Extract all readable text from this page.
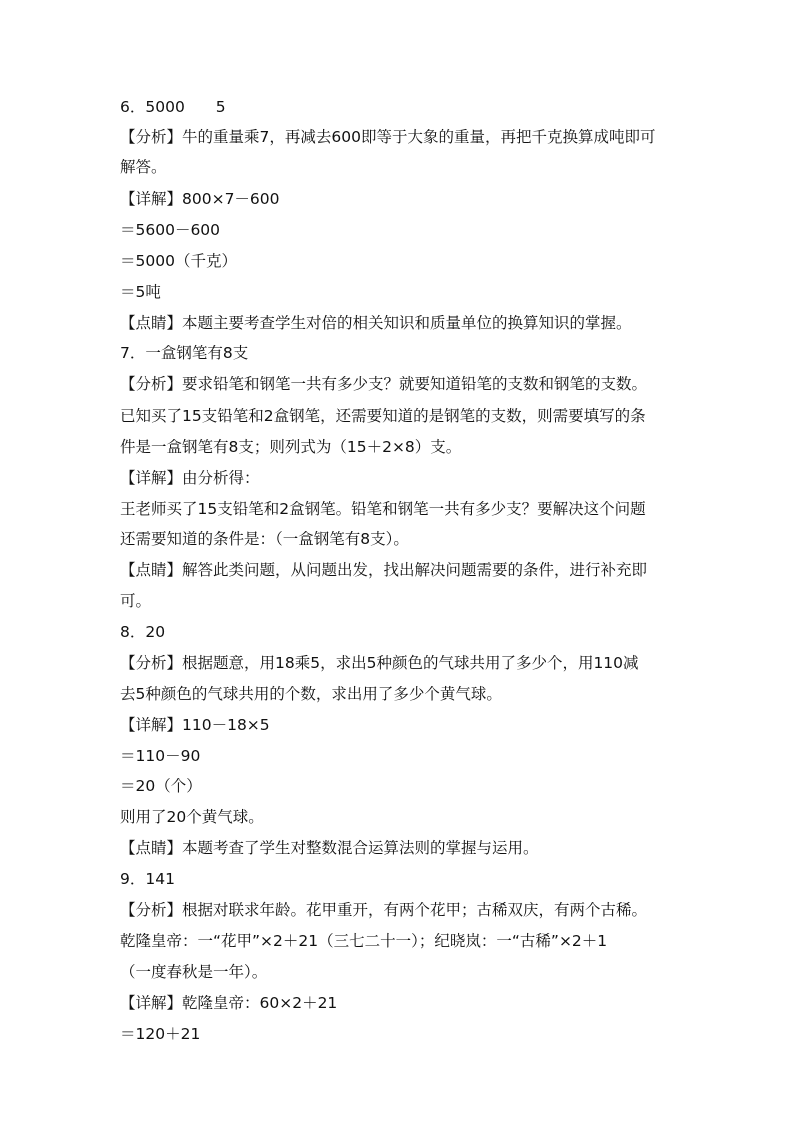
6．5000　　5

【分析】牛的重量乘7，再减去600即等于大象的重量，再把千克换算成吨即可

解答。

【详解】800×7－600

＝5600－600

＝5000（千克）

＝5吨

【点睛】本题主要考查学生对倍的相关知识和质量单位的换算知识的掌握。

7．一盒钢笔有8支

【分析】要求铅笔和钢笔一共有多少支？就要知道铅笔的支数和钢笔的支数。

已知买了15支铅笔和2盒钢笔，还需要知道的是钢笔的支数，则需要填写的条

件是一盒钢笔有8支；则列式为（15＋2×8）支。

【详解】由分析得：

王老师买了15支铅笔和2盒钢笔。铅笔和钢笔一共有多少支？要解决这个问题

还需要知道的条件是：（一盒钢笔有8支）。

【点睛】解答此类问题，从问题出发，找出解决问题需要的条件，进行补充即

可。

8．20

【分析】根据题意，用18乘5，求出5种颜色的气球共用了多少个，用110减

去5种颜色的气球共用的个数，求出用了多少个黄气球。

【详解】110－18×5

＝110－90

＝20（个）

则用了20个黄气球。

【点睛】本题考查了学生对整数混合运算法则的掌握与运用。

9．141

【分析】根据对联求年龄。花甲重开，有两个花甲；古稀双庆，有两个古稀。

乾隆皇帝：一“花甲”×2＋21（三七二十一）；纪晓岚：一“古稀”×2＋1

（一度春秋是一年）。

【详解】乾隆皇帝：60×2＋21

＝120＋21
